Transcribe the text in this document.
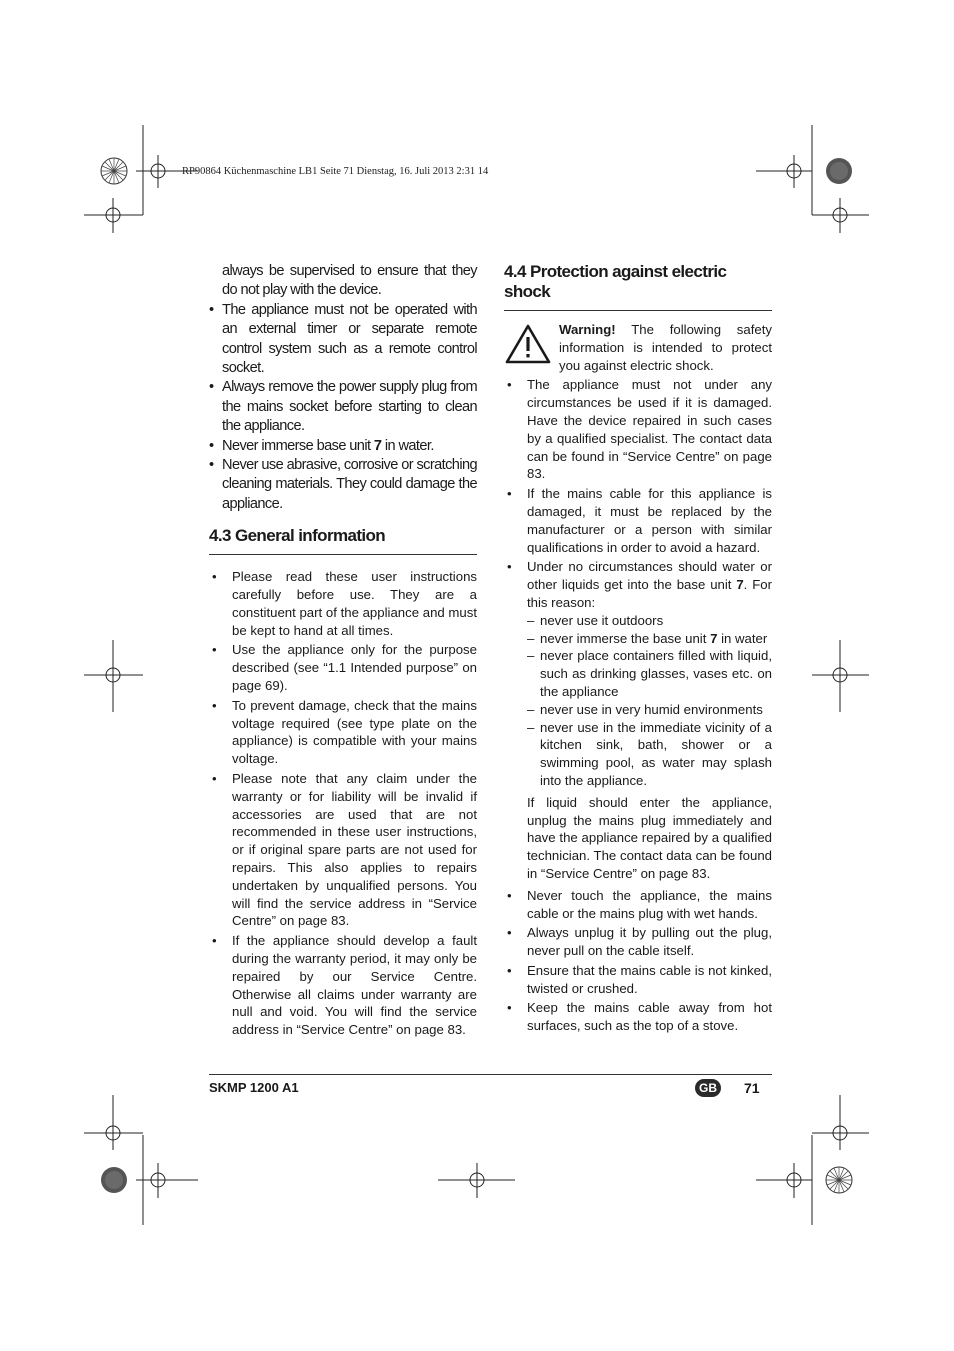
RP90864 Küchenmaschine LB1 Seite 71 Dienstag, 16. Juli 2013 2:31 14

always be supervised to ensure that they do not play with the device.

• The appliance must not be operated with an external timer or separate remote control system such as a remote control socket.
• Always remove the power supply plug from the mains socket before starting to clean the appliance.
• Never immerse base unit 7 in water.
• Never use abrasive, corrosive or scratching cleaning materials. They could damage the appliance.
4.3 General information
• Please read these user instructions carefully before use. They are a constituent part of the appliance and must be kept to hand at all times.
• Use the appliance only for the purpose described (see “1.1 Intended purpose” on page 69).
• To prevent damage, check that the mains voltage required (see type plate on the appliance) is compatible with your mains voltage.
• Please note that any claim under the warranty or for liability will be invalid if accessories are used that are not recommended in these user instructions, or if original spare parts are not used for repairs. This also applies to repairs undertaken by unqualified persons. You will find the service address in “Service Centre” on page 83.
• If the appliance should develop a fault during the warranty period, it may only be repaired by our Service Centre. Otherwise all claims under warranty are null and void. You will find the service address in “Service Centre” on page 83.
4.4 Protection against electric shock

Warning! The following safety information is intended to protect you against electric shock.

• The appliance must not under any circumstances be used if it is damaged. Have the device repaired in such cases by a qualified specialist. The contact data can be found in “Service Centre” on page 83.
• If the mains cable for this appliance is damaged, it must be replaced by the manufacturer or a person with similar qualifications in order to avoid a hazard.
• Under no circumstances should water or other liquids get into the base unit 7. For this reason:
– never use it outdoors
– never immerse the base unit 7 in water
– never place containers filled with liquid, such as drinking glasses, vases etc. on the appliance
– never use in very humid environments
– never use in the immediate vicinity of a kitchen sink, bath, shower or a swimming pool, as water may splash into the appliance.

If liquid should enter the appliance, unplug the mains plug immediately and have the appliance repaired by a qualified technician. The contact data can be found in “Service Centre” on page 83.

• Never touch the appliance, the mains cable or the mains plug with wet hands.
• Always unplug it by pulling out the plug, never pull on the cable itself.
• Ensure that the mains cable is not kinked, twisted or crushed.
• Keep the mains cable away from hot surfaces, such as the top of a stove.
SKMP 1200 A1	GB 71
